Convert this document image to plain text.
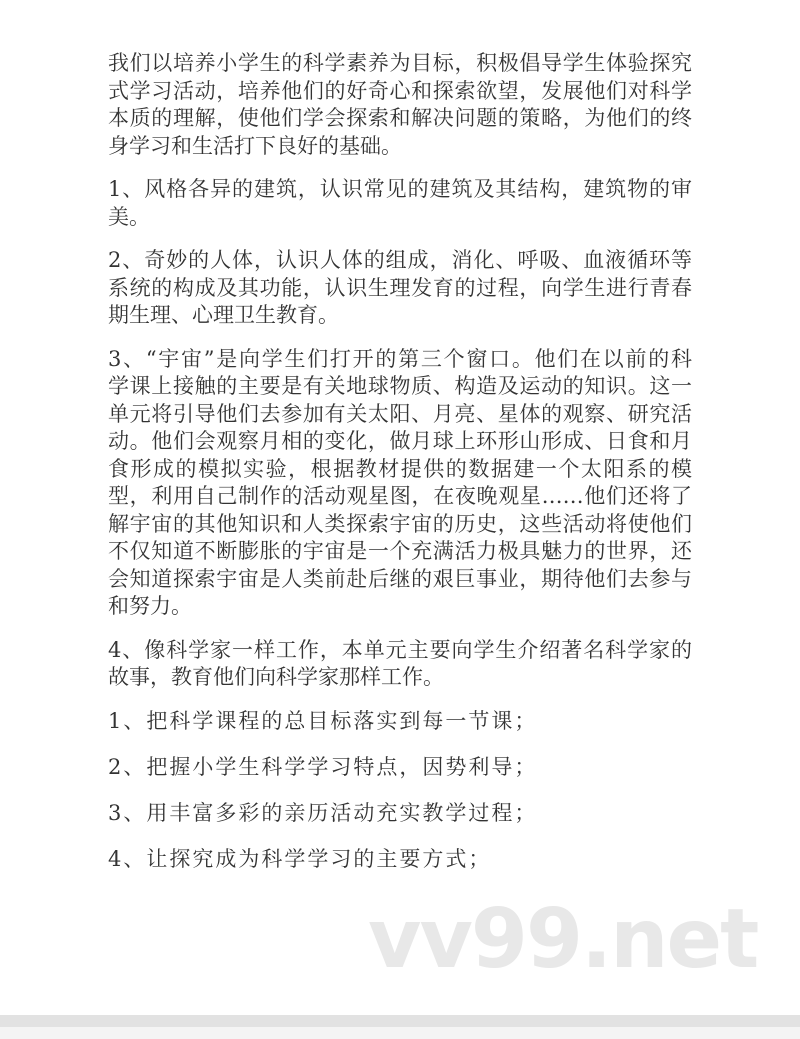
我们以培养小学生的科学素养为目标，积极倡导学生体验探究
式学习活动，培养他们的好奇心和探索欲望，发展他们对科学
本质的理解，使他们学会探索和解决问题的策略，为他们的终
身学习和生活打下良好的基础。
1、风格各异的建筑，认识常见的建筑及其结构，建筑物的审
美。
2、奇妙的人体，认识人体的组成，消化、呼吸、血液循环等
系统的构成及其功能，认识生理发育的过程，向学生进行青春
期生理、心理卫生教育。
3、“宇宙”是向学生们打开的第三个窗口。他们在以前的科
学课上接触的主要是有关地球物质、构造及运动的知识。这一
单元将引导他们去参加有关太阳、月亮、星体的观察、研究活
动。他们会观察月相的变化，做月球上环形山形成、日食和月
食形成的模拟实验，根据教材提供的数据建一个太阳系的模
型，利用自己制作的活动观星图，在夜晚观星……他们还将了
解宇宙的其他知识和人类探索宇宙的历史，这些活动将使他们
不仅知道不断膨胀的宇宙是一个充满活力极具魅力的世界，还
会知道探索宇宙是人类前赴后继的艰巨事业，期待他们去参与
和努力。
4、像科学家一样工作，本单元主要向学生介绍著名科学家的
故事，教育他们向科学家那样工作。
1、把科学课程的总目标落实到每一节课；
2、把握小学生科学学习特点，因势利导；
3、用丰富多彩的亲历活动充实教学过程；
4、让探究成为科学学习的主要方式；
vv99.net
